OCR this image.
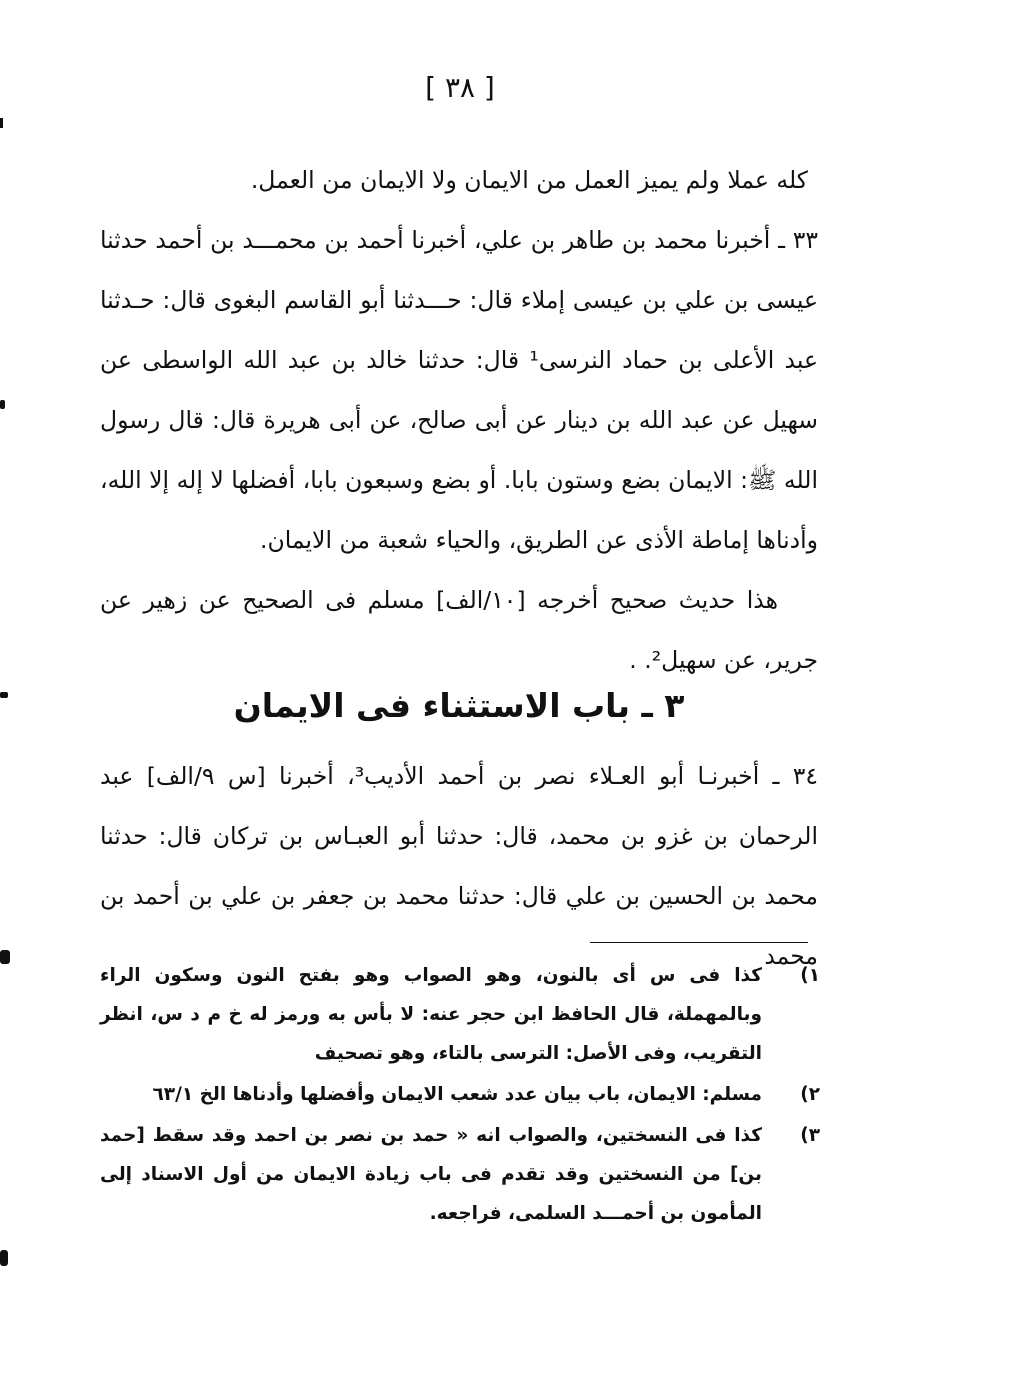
[ ٣٨ ]

كله عملا ولم يميز العمل من الايمان ولا الايمان من العمل.

٣٣ ـ أخبرنا محمد بن طاهر بن علي، أخبرنا أحمد بن محمـــد بن أحمد حدثنا عيسى بن علي بن عيسى إملاء قال: حـــدثنا أبو القاسم البغوى قال: حـدثنا عبد الأعلى بن حماد النرسى¹ قال: حدثنا خالد بن عبد الله الواسطى عن سهيل عن عبد الله بن دينار عن أبى صالح، عن أبى هريرة قال: قال رسول الله ﷺ: الايمان بضع وستون بابا. أو بضع وسبعون بابا، أفضلها لا إله إلا الله، وأدناها إماطة الأذى عن الطريق، والحياء شعبة من الايمان.

هذا حديث صحيح أخرجه [١٠/الف] مسلم فى الصحيح عن زهير عن جرير، عن سهيل². .

٣ ـ باب الاستثناء فى الايمان

٣٤ ـ أخبرنـا أبو العـلاء نصر بن أحمد الأديب³، أخبرنا [س ٩/الف] عبد الرحمان بن غزو بن محمد، قال: حدثنا أبو العبـاس بن تركان قال: حدثنا محمد بن الحسين بن علي قال: حدثنا محمد بن جعفر بن علي بن أحمد بن محمد

١)
كذا فى س أى بالنون، وهو الصواب وهو بفتح النون وسكون الراء وبالمهملة، قال الحافظ ابن حجر عنه: لا بأس به ورمز له خ م د س، انظر التقريب، وفى الأصل: الترسى بالتاء، وهو تصحيف
٢)
مسلم: الايمان، باب بيان عدد شعب الايمان وأفضلها وأدناها الخ ٦٣/١
٣)
كذا فى النسختين، والصواب انه « حمد بن نصر بن احمد وقد سقط [حمد بن] من النسختين وقد تقدم فى باب زيادة الايمان من أول الاسناد إلى المأمون بن أحمـــد السلمى، فراجعه.
